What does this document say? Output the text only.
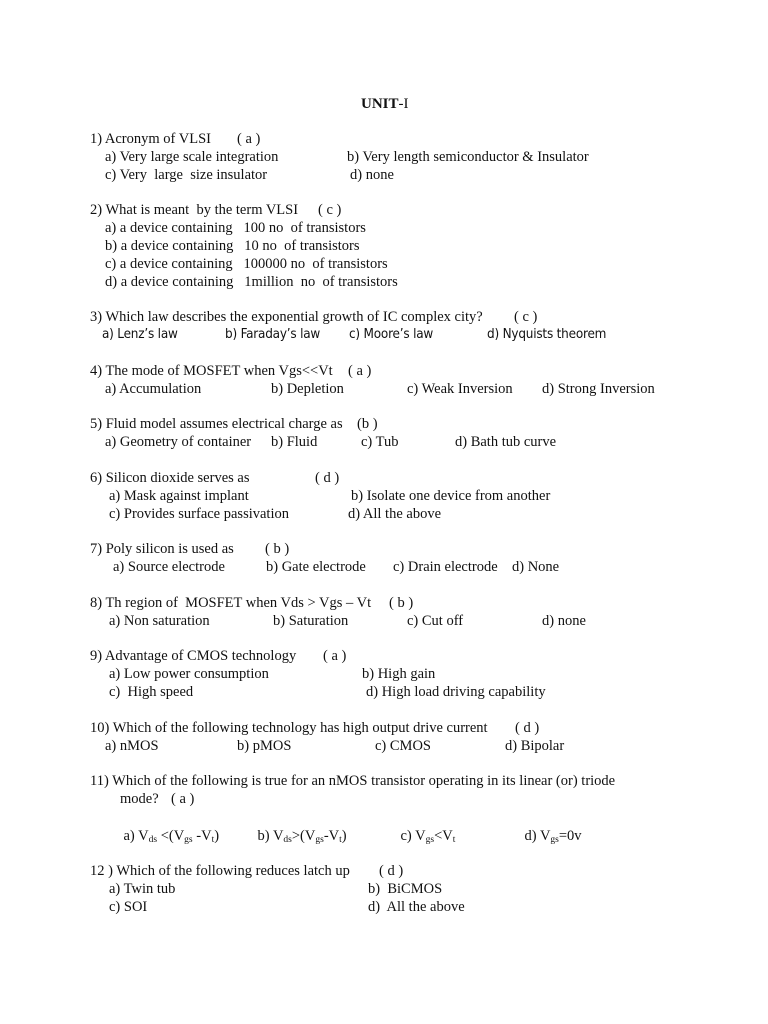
UNIT-I
1) Acronym of VLSI ( a )
a) Very large scale integration	b) Very length semiconductor & Insulator
c) Very  large  size insulator	d) none
2) What is meant  by the term VLSI ( c )
a) a device containing   100 no  of transistors
b) a device containing   10 no  of transistors
c) a device containing   100000 no  of transistors
d) a device containing   1million  no  of transistors
3) Which law describes the exponential growth of IC complex city? ( c )
a) Lenz’s law	b) Faraday’s law c) Moore’s law	d) Nyquists theorem
4) The mode of MOSFET when Vgs<<Vt ( a )
a) Accumulation	b) Depletion	c) Weak Inversion d) Strong Inversion
5) Fluid model assumes electrical charge as (b )
a) Geometry of container b) Fluid	c) Tub	d) Bath tub curve
6) Silicon dioxide serves as	( d )
a) Mask against implant	b) Isolate one device from another
c) Provides surface passivation	d) All the above
7) Poly silicon is used as ( b )
a) Source electrode	b) Gate electrode c) Drain electrode d) None
8) Th region of  MOSFET when Vds > Vgs – Vt ( b )
a) Non saturation	b) Saturation	c) Cut off	d) none
9) Advantage of CMOS technology ( a )
a) Low power consumption	b) High gain
c)  High speed	d) High load driving capability
10) Which of the following technology has high output drive current ( d )
a) nMOS	b) pMOS	c) CMOS	d) Bipolar
11) Which of the following is true for an nMOS transistor operating in its linear (or) triode
mode? ( a )

a) $V_{ds} <(V_{gs}$ $-V_t$)
	b) $V_{ds}>(V_{gs}-V_t)$
	c) $V_{gs}<V_t$
	d) $V_{gs}=0v$

12 ) Which of the following reduces latch up ( d )
a) Twin tub	b)  BiCMOS
c) SOI	d)  All the above
